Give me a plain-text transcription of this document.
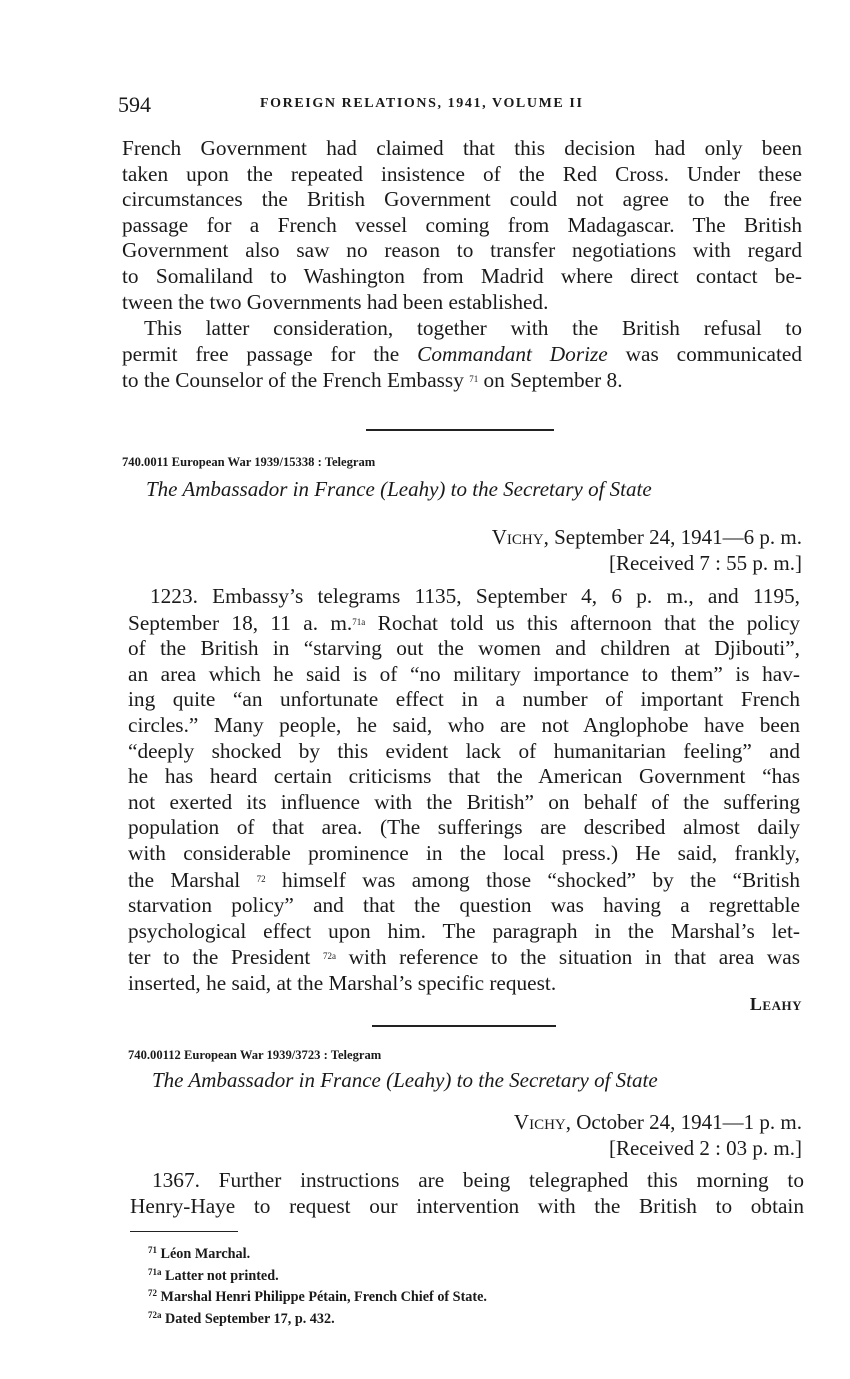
594	FOREIGN RELATIONS, 1941, VOLUME II
French Government had claimed that this decision had only been
taken upon the repeated insistence of the Red Cross. Under these
circumstances the British Government could not agree to the free
passage for a French vessel coming from Madagascar. The British
Government also saw no reason to transfer negotiations with regard
to Somaliland to Washington from Madrid where direct contact be-
tween the two Governments had been established.
This latter consideration, together with the British refusal to
permit free passage for the Commandant Dorize was communicated
to the Counselor of the French Embassy $^{71}$ on September 8.
740.0011 European War 1939/15338 : Telegram
The Ambassador in France (Leahy) to the Secretary of State
Vichy, September 24, 1941—6 p. m.
[Received 7 : 55 p. m.]
1223. Embassy’s telegrams 1135, September 4, 6 p. m., and 1195,
September 18, 11 a. m.$^{71a}$ Rochat told us this afternoon that the policy
of the British in “starving out the women and children at Djibouti”,
an area which he said is of “no military importance to them” is hav-
ing quite “an unfortunate effect in a number of important French
circles.” Many people, he said, who are not Anglophobe have been
“deeply shocked by this evident lack of humanitarian feeling” and
he has heard certain criticisms that the American Government “has
not exerted its influence with the British” on behalf of the suffering
population of that area. (The sufferings are described almost daily
with considerable prominence in the local press.) He said, frankly,
the Marshal $^{72}$ himself was among those “shocked” by the “British
starvation policy” and that the question was having a regrettable
psychological effect upon him. The paragraph in the Marshal’s let-
ter to the President $^{72a}$ with reference to the situation in that area was
inserted, he said, at the Marshal’s specific request.
Leahy
740.00112 European War 1939/3723 : Telegram
The Ambassador in France (Leahy) to the Secretary of State
Vichy, October 24, 1941—1 p. m.
[Received 2 : 03 p. m.]
1367. Further instructions are being telegraphed this morning to
Henry-Haye to request our intervention with the British to obtain
$^{71}$ Léon Marchal.
$^{71a}$ Latter not printed.
$^{72}$ Marshal Henri Philippe Pétain, French Chief of State.
$^{72a}$ Dated September 17, p. 432.
